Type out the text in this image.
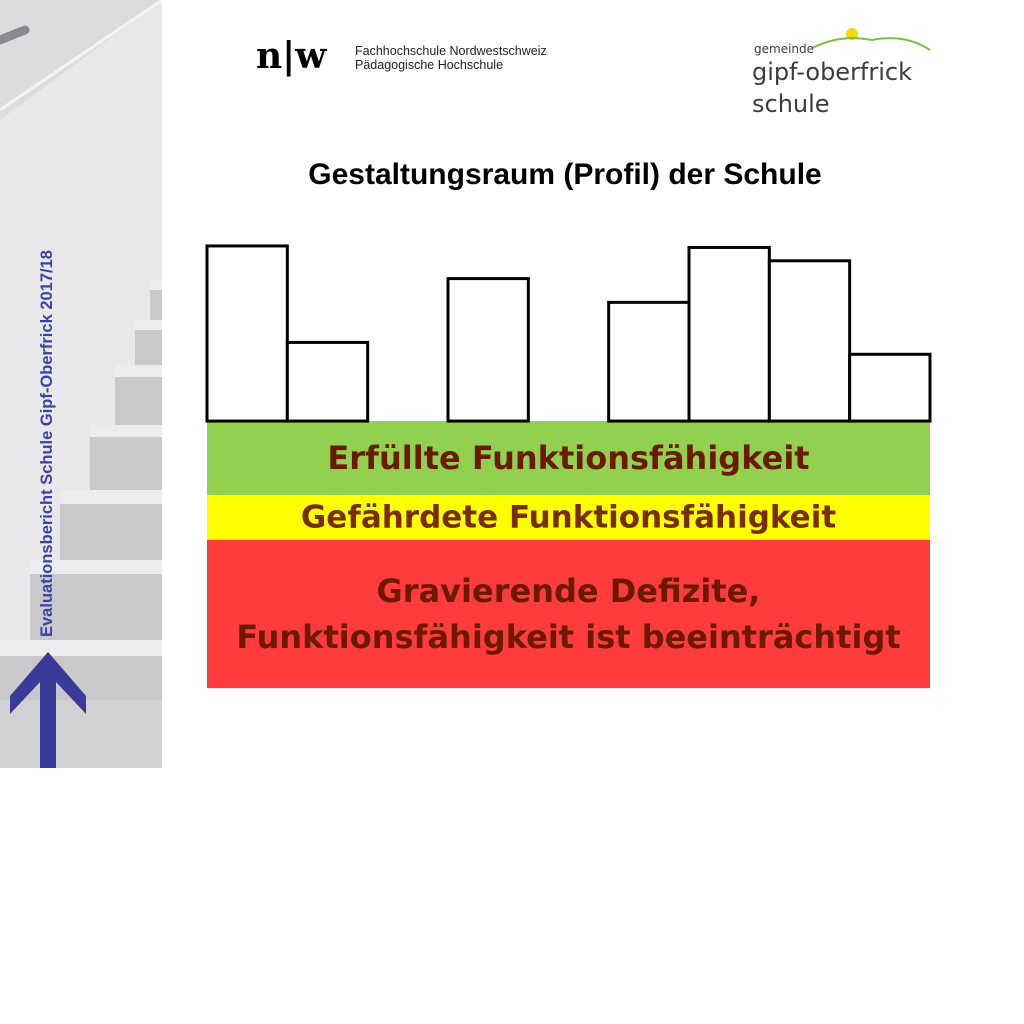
Evaluationsbericht Schule Gipf-Oberfrick 2017/18
n|w Fachhochschule Nordwestschweiz
Pädagogische Hochschule
gemeinde
gipf-oberfrick
schule
Gestaltungsraum (Profil) der Schule
Erfüllte Funktionsfähigkeit
Gefährdete Funktionsfähigkeit
Gravierende Defizite,
Funktionsfähigkeit ist beeinträchtigt
